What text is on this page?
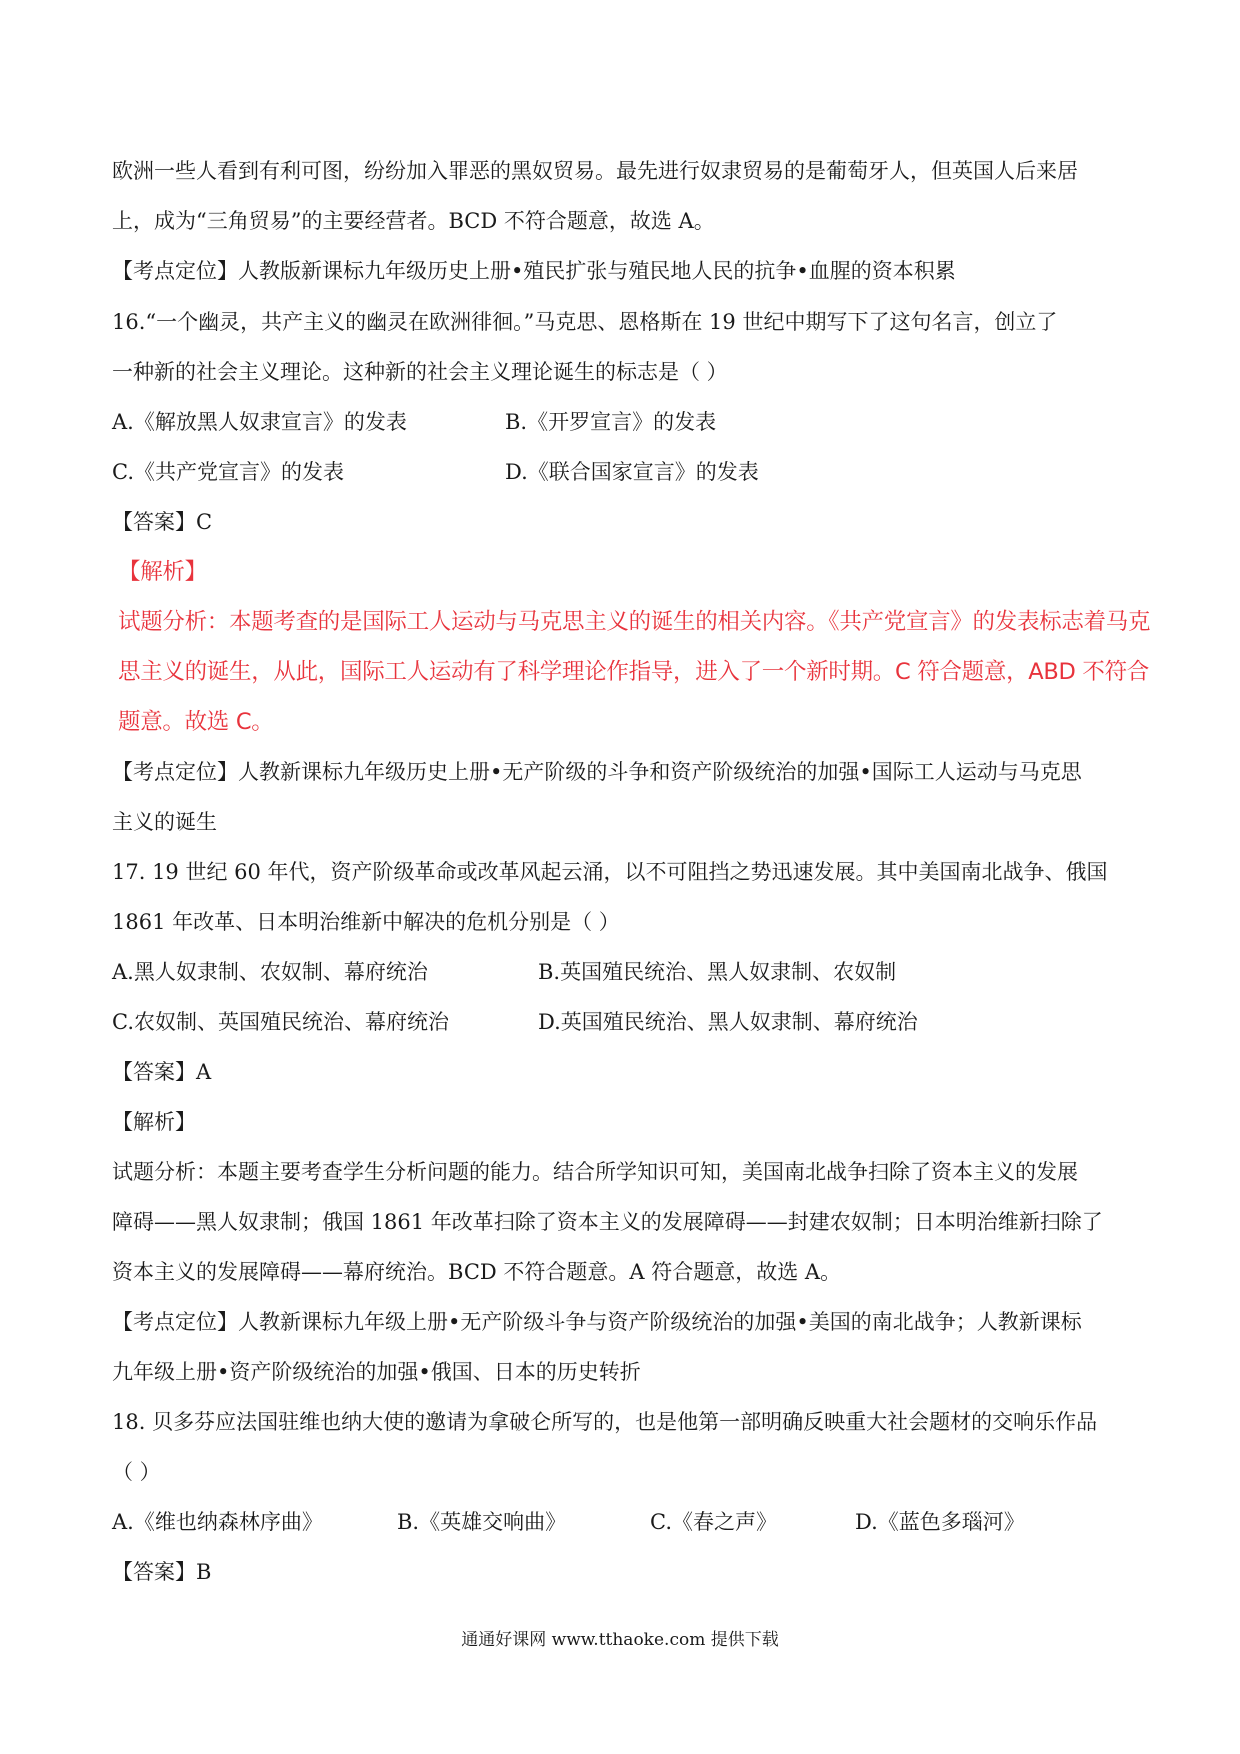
欧洲一些人看到有利可图，纷纷加入罪恶的黑奴贸易。最先进行奴隶贸易的是葡萄牙人，但英国人后来居
上，成为“三角贸易”的主要经营者。BCD 不符合题意，故选 A。
【考点定位】人教版新课标九年级历史上册•殖民扩张与殖民地人民的抗争•血腥的资本积累
16.“一个幽灵，共产主义的幽灵在欧洲徘徊。”马克思、恩格斯在 19 世纪中期写下了这句名言，创立了
一种新的社会主义理论。这种新的社会主义理论诞生的标志是（ ）
A.《解放黑人奴隶宣言》的发表	B.《开罗宣言》的发表
C.《共产党宣言》的发表	D.《联合国家宣言》的发表
【答案】C
【解析】
试题分析：本题考查的是国际工人运动与马克思主义的诞生的相关内容。《共产党宣言》的发表标志着马克
思主义的诞生，从此，国际工人运动有了科学理论作指导，进入了一个新时期。C 符合题意，ABD 不符合
题意。故选 C。
【考点定位】人教新课标九年级历史上册•无产阶级的斗争和资产阶级统治的加强•国际工人运动与马克思
主义的诞生
17. 19 世纪 60 年代，资产阶级革命或改革风起云涌，以不可阻挡之势迅速发展。其中美国南北战争、俄国
1861 年改革、日本明治维新中解决的危机分别是（ ）
A.黑人奴隶制、农奴制、幕府统治	B.英国殖民统治、黑人奴隶制、农奴制
C.农奴制、英国殖民统治、幕府统治	D.英国殖民统治、黑人奴隶制、幕府统治
【答案】A
【解析】
试题分析：本题主要考查学生分析问题的能力。结合所学知识可知，美国南北战争扫除了资本主义的发展
障碍——黑人奴隶制；俄国 1861 年改革扫除了资本主义的发展障碍——封建农奴制；日本明治维新扫除了
资本主义的发展障碍——幕府统治。BCD 不符合题意。A 符合题意，故选 A。
【考点定位】人教新课标九年级上册•无产阶级斗争与资产阶级统治的加强•美国的南北战争；人教新课标
九年级上册•资产阶级统治的加强•俄国、日本的历史转折
18. 贝多芬应法国驻维也纳大使的邀请为拿破仑所写的，也是他第一部明确反映重大社会题材的交响乐作品
（ ）
A.《维也纳森林序曲》	B.《英雄交响曲》	C.《春之声》	D.《蓝色多瑙河》
【答案】B
通通好课网 www.tthaoke.com 提供下载
